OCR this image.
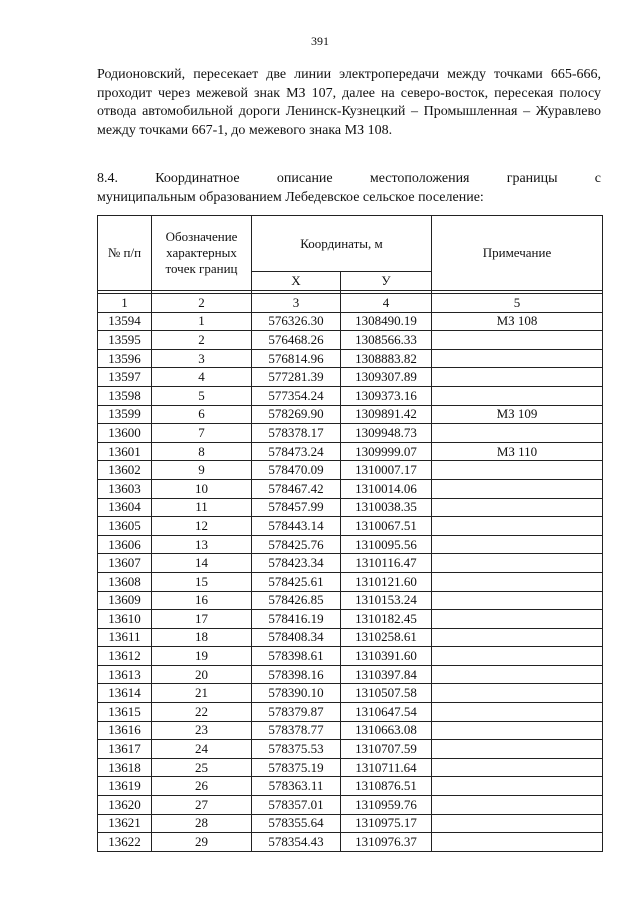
391

Родионовский, пересекает две линии электропередачи между точками 665-666, проходит через межевой знак МЗ 107, далее на северо-восток, пересекая полосу отвода автомобильной дороги Ленинск-Кузнецкий – Промышленная – Журавлево между точками 667-1, до межевого знака МЗ 108.

8.4.	Координатное	описание	местоположения	границы	с
муниципальным образованием Лебедевское сельское поселение:
№ п/п	Обозначение
характерных
точек границ	Координаты, м		Примечание
		Х	У	

1	2	3	4	5
13594	1	576326.30	1308490.19	МЗ 108
13595	2	576468.26	1308566.33	
13596	3	576814.96	1308883.82	
13597	4	577281.39	1309307.89	
13598	5	577354.24	1309373.16	
13599	6	578269.90	1309891.42	МЗ 109
13600	7	578378.17	1309948.73	
13601	8	578473.24	1309999.07	МЗ 110
13602	9	578470.09	1310007.17	
13603	10	578467.42	1310014.06	
13604	11	578457.99	1310038.35	
13605	12	578443.14	1310067.51	
13606	13	578425.76	1310095.56	
13607	14	578423.34	1310116.47	
13608	15	578425.61	1310121.60	
13609	16	578426.85	1310153.24	
13610	17	578416.19	1310182.45	
13611	18	578408.34	1310258.61	
13612	19	578398.61	1310391.60	
13613	20	578398.16	1310397.84	
13614	21	578390.10	1310507.58	
13615	22	578379.87	1310647.54	
13616	23	578378.77	1310663.08	
13617	24	578375.53	1310707.59	
13618	25	578375.19	1310711.64	
13619	26	578363.11	1310876.51	
13620	27	578357.01	1310959.76	
13621	28	578355.64	1310975.17	
13622	29	578354.43	1310976.37	
